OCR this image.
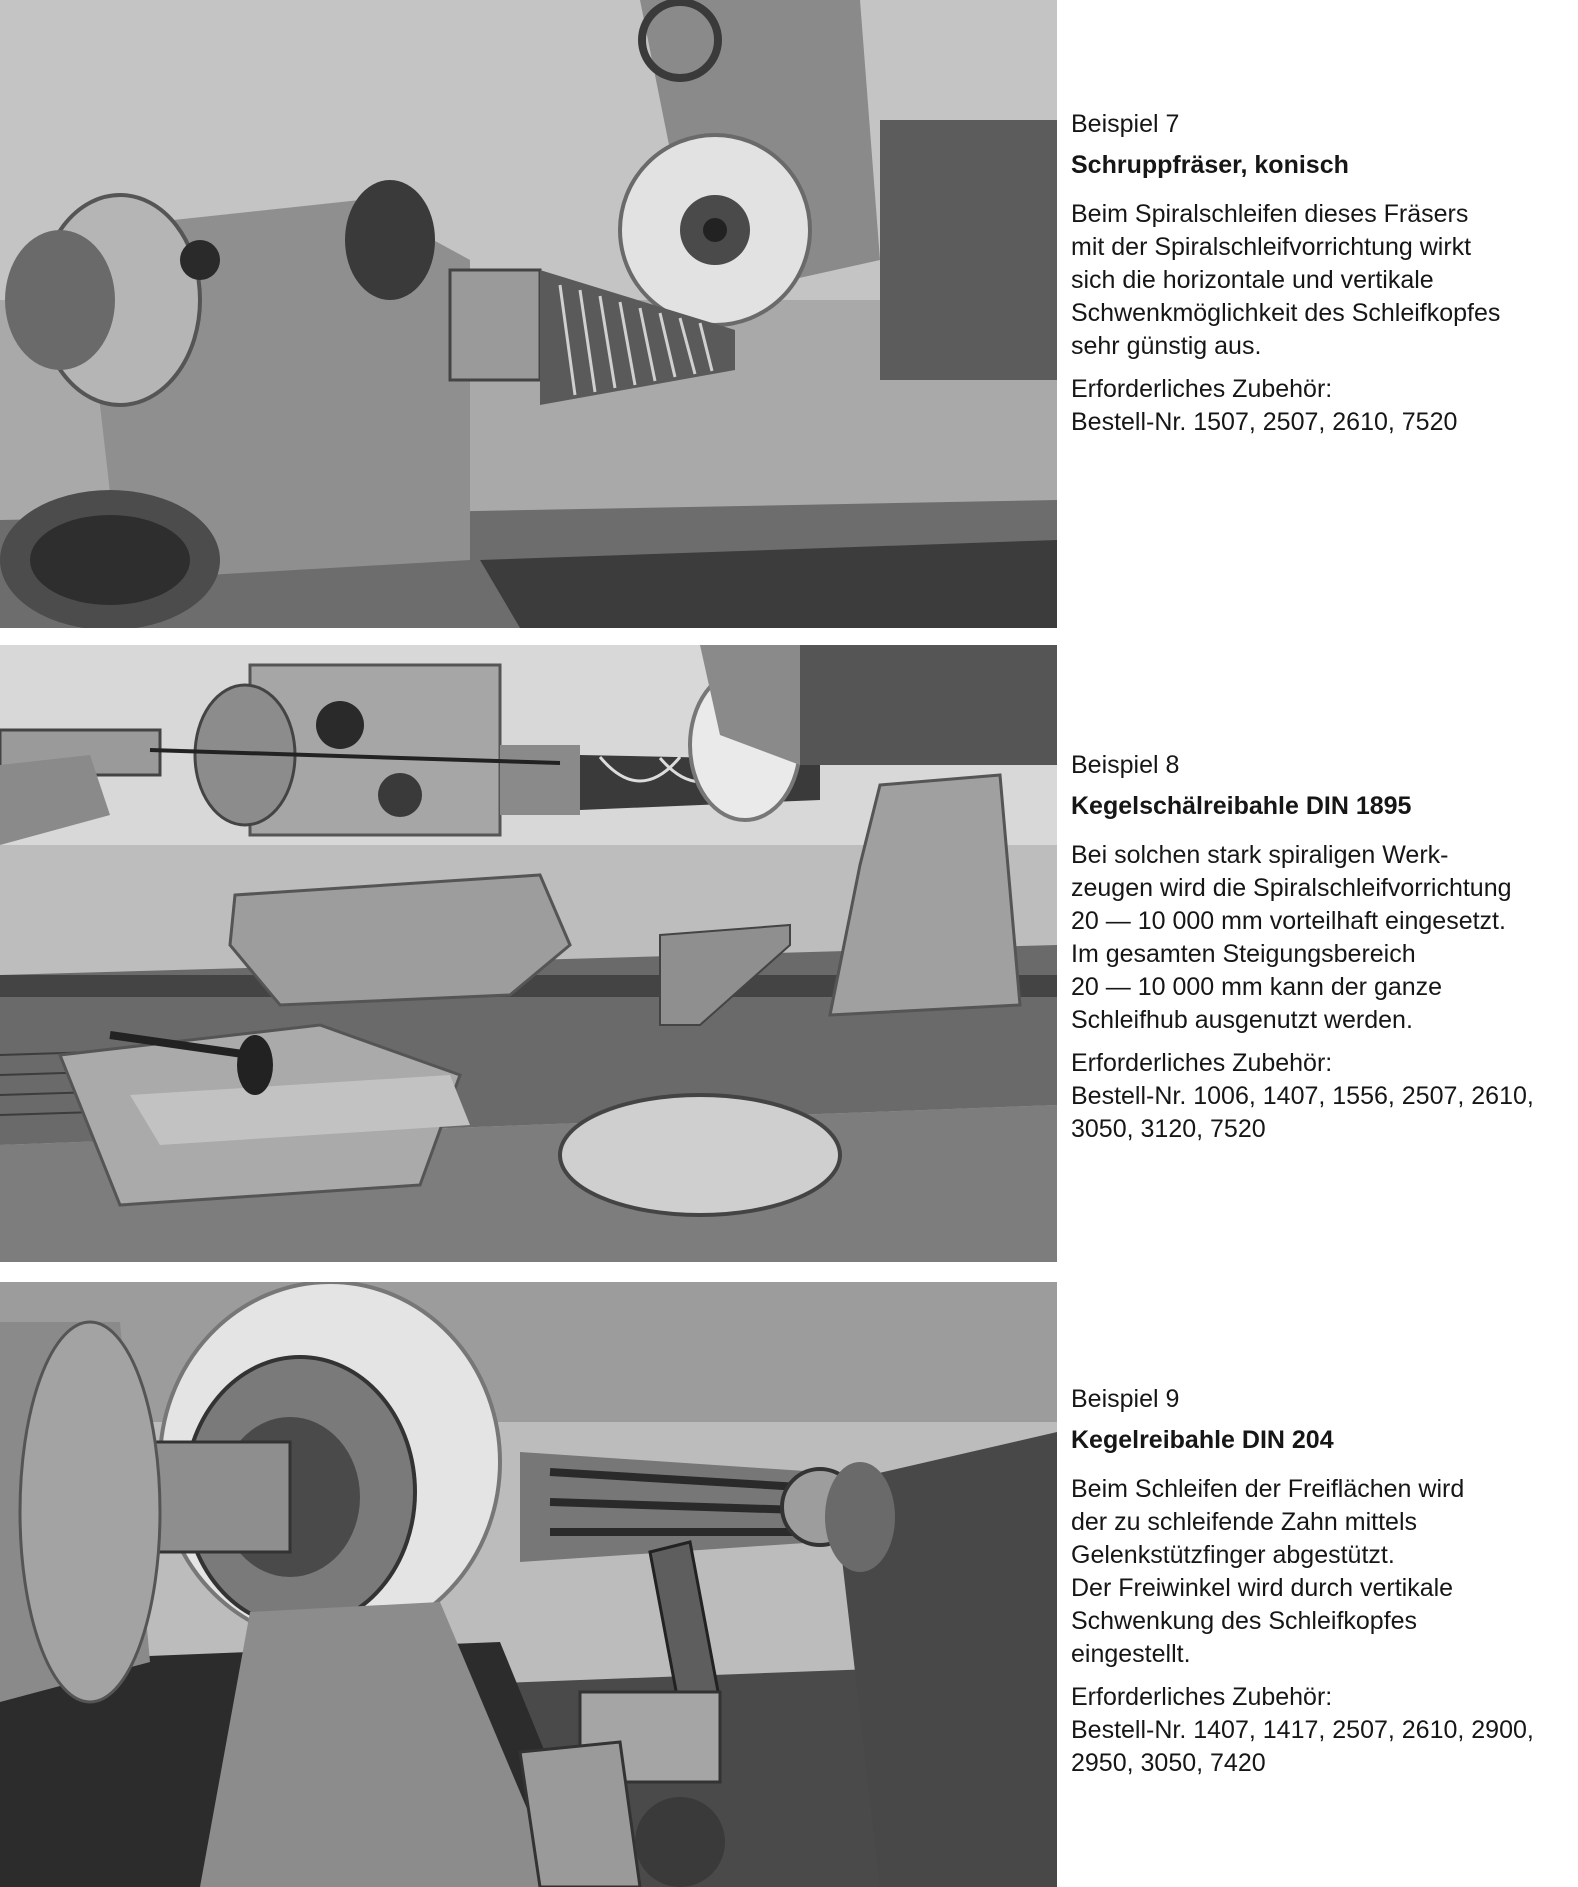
Beispiel 7

Schruppfräser, konisch

Beim Spiralschleifen dieses Fräsers
mit der Spiralschleifvorrichtung wirkt
sich die horizontale und vertikale
Schwenkmöglichkeit des Schleifkopfes
sehr günstig aus.

Erforderliches Zubehör:

Bestell-Nr. 1507, 2507, 2610, 7520

Beispiel 8

Kegelschälreibahle DIN 1895

Bei solchen stark spiraligen Werk-
zeugen wird die Spiralschleifvorrichtung
20 — 10 000 mm vorteilhaft eingesetzt.
Im gesamten Steigungsbereich
20 — 10 000 mm kann der ganze
Schleifhub ausgenutzt werden.

Erforderliches Zubehör:

Bestell-Nr. 1006, 1407, 1556, 2507, 2610,
3050, 3120, 7520

Beispiel 9

Kegelreibahle DIN 204

Beim Schleifen der Freiflächen wird
der zu schleifende Zahn mittels
Gelenkstützfinger abgestützt.
Der Freiwinkel wird durch vertikale
Schwenkung des Schleifkopfes
eingestellt.

Erforderliches Zubehör:

Bestell-Nr. 1407, 1417, 2507, 2610, 2900,
2950, 3050, 7420
